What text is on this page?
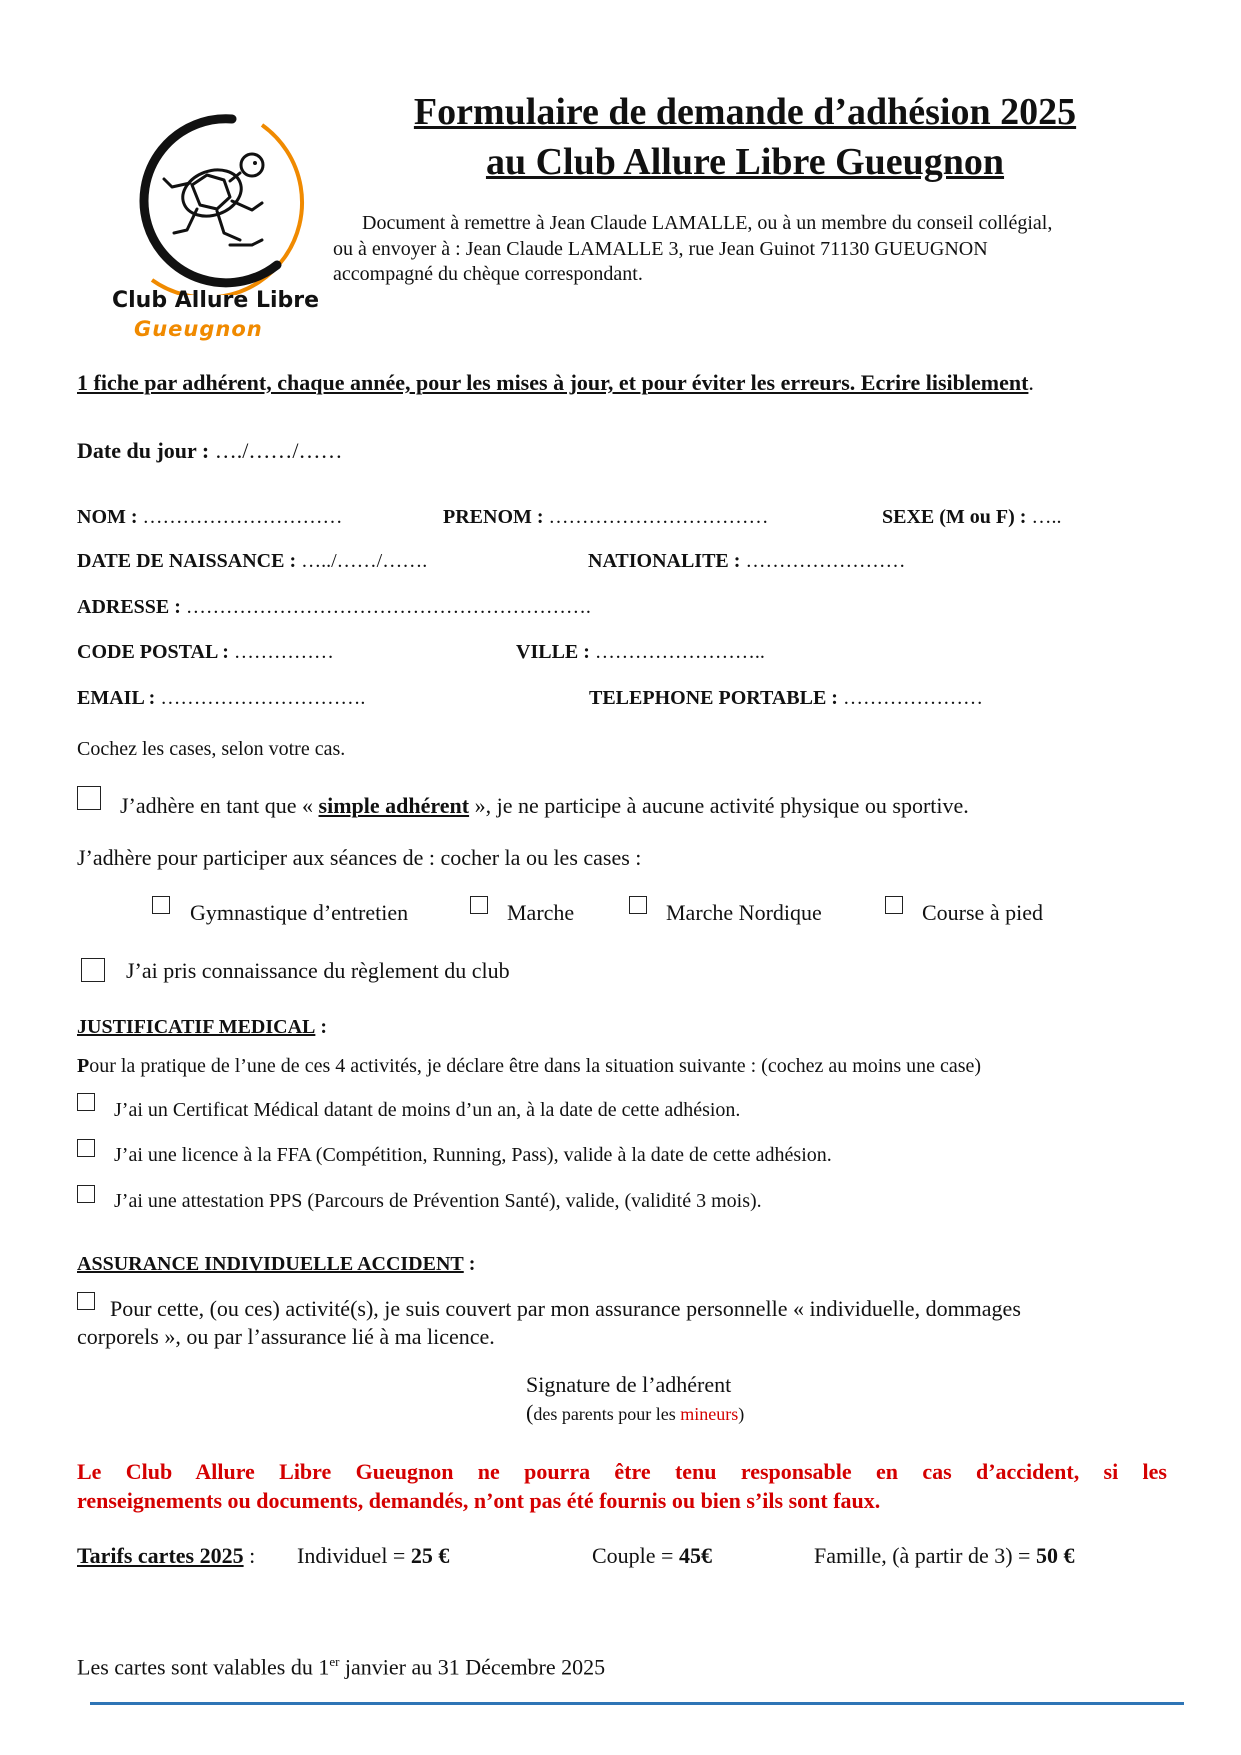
Club Allure Libre
Gueugnon
Formulaire de demande d’adhésion 2025
au Club Allure Libre Gueugnon
Document à remettre à Jean Claude LAMALLE, ou à un membre du conseil collégial,
ou à envoyer à : Jean Claude LAMALLE 3, rue Jean Guinot 71130 GUEUGNON
accompagné du chèque correspondant.
1 fiche par adhérent, chaque année, pour les mises à jour, et pour éviter les erreurs. Ecrire lisiblement.
Date du jour : …./……/……
NOM : …………………………	PRENOM : ……………………………	SEXE (M ou F) : …..
DATE DE NAISSANCE : …../……/…….	NATIONALITE : ……………………
ADRESSE : …………………………………………………….
CODE POSTAL : ……………	VILLE : ……………………..
EMAIL : ………………………….	TELEPHONE PORTABLE : …………………
Cochez les cases, selon votre cas.
J’adhère en tant que « simple adhérent », je ne participe à aucune activité physique ou sportive.
J’adhère pour participer aux séances de : cocher la ou les cases :
Gymnastique d’entretien	Marche	Marche Nordique	Course à pied
J’ai pris connaissance du règlement du club
JUSTIFICATIF MEDICAL :
Pour la pratique de l’une de ces 4 activités, je déclare être dans la situation suivante : (cochez au moins une case)
J’ai un Certificat Médical datant de moins d’un an, à la date de cette adhésion.
J’ai une licence à la FFA (Compétition, Running, Pass), valide à la date de cette adhésion.
J’ai une attestation PPS (Parcours de Prévention Santé), valide, (validité 3 mois).
ASSURANCE INDIVIDUELLE ACCIDENT :
Pour cette, (ou ces) activité(s), je suis couvert par mon assurance personnelle « individuelle, dommages
corporels », ou par l’assurance lié à ma licence.
Signature de l’adhérent
(des parents pour les mineurs)
Le Club Allure Libre Gueugnon ne pourra être tenu responsable en cas d’accident, si les
renseignements ou documents, demandés, n’ont pas été fournis ou bien s’ils sont faux.
Tarifs cartes 2025 : Individuel = 25 €	Couple = 45€	Famille, (à partir de 3) = 50 €
Les cartes sont valables du 1er janvier au 31 Décembre 2025
